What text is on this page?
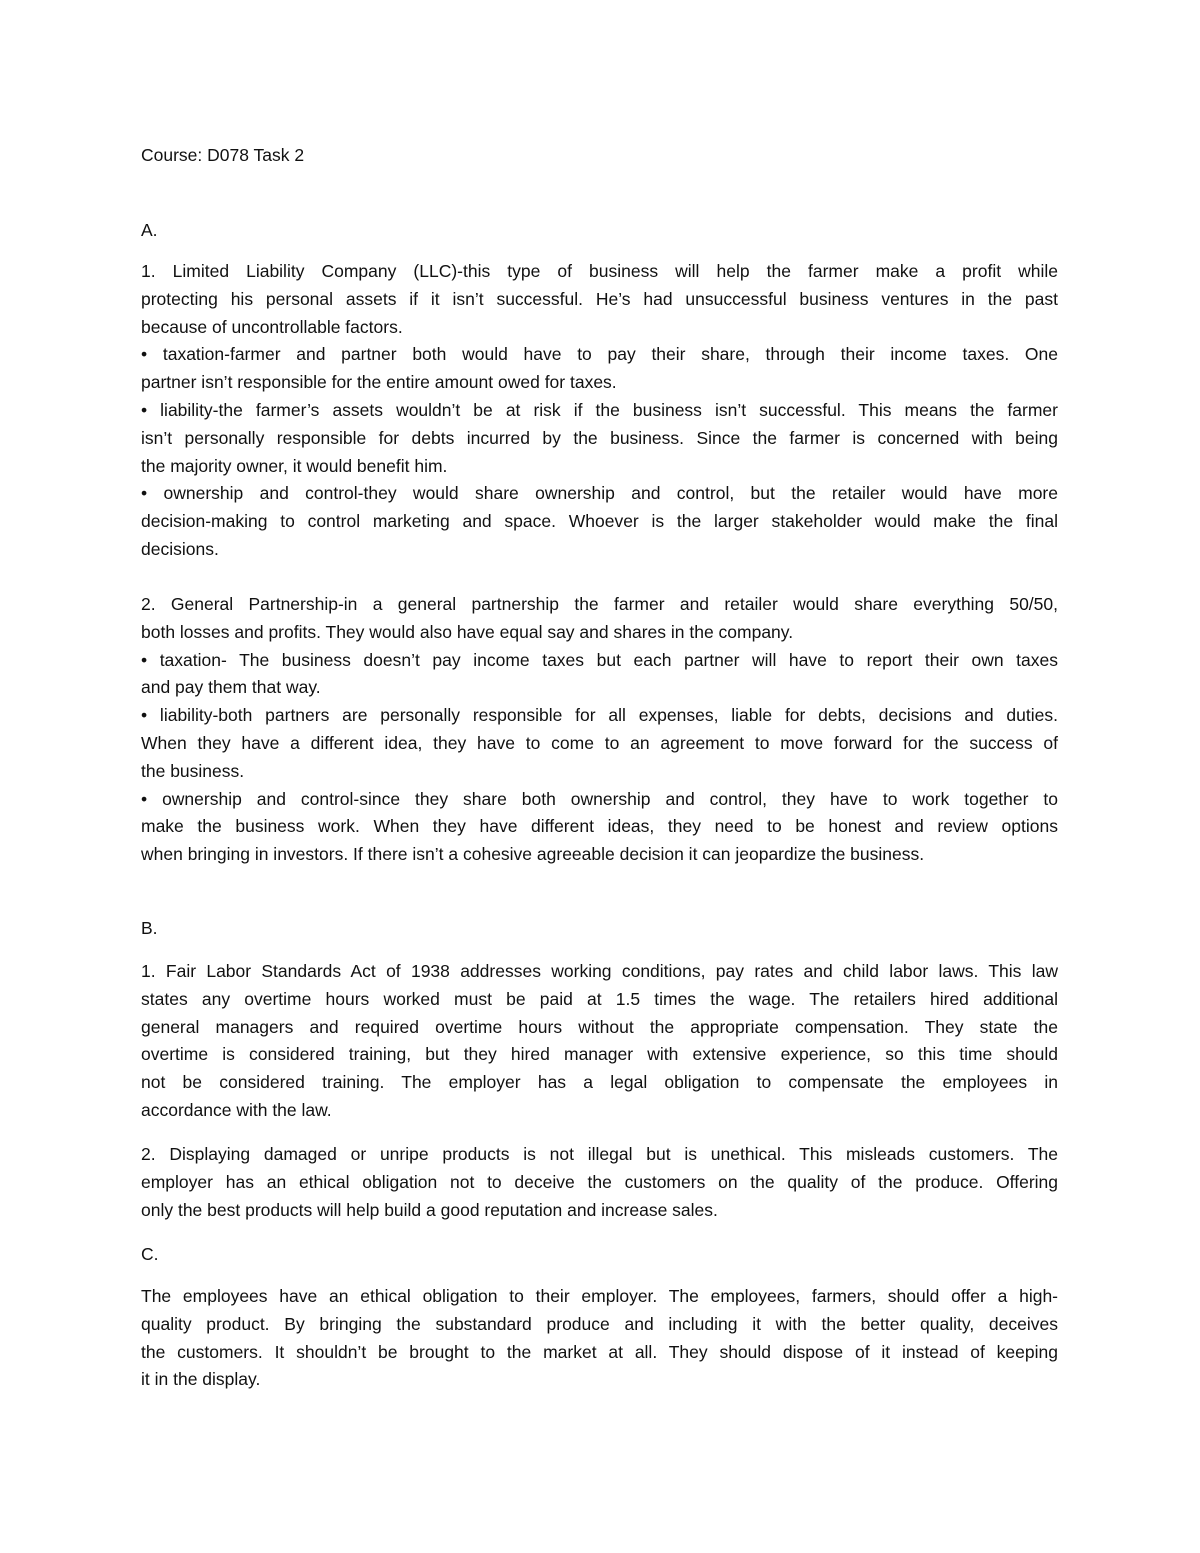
Course: D078 Task 2
A.
1. Limited Liability Company (LLC)-this type of business will help the farmer make a profit while
protecting his personal assets if it isn’t successful. He’s had unsuccessful business ventures in the past
because of uncontrollable factors.
• taxation-farmer and partner both would have to pay their share, through their income taxes. One
partner isn’t responsible for the entire amount owed for taxes.
• liability-the farmer’s assets wouldn’t be at risk if the business isn’t successful. This means the farmer
isn’t personally responsible for debts incurred by the business. Since the farmer is concerned with being
the majority owner, it would benefit him.
• ownership and control-they would share ownership and control, but the retailer would have more
decision-making to control marketing and space. Whoever is the larger stakeholder would make the final
decisions.
2. General Partnership-in a general partnership the farmer and retailer would share everything 50/50,
both losses and profits. They would also have equal say and shares in the company.
• taxation- The business doesn’t pay income taxes but each partner will have to report their own taxes
and pay them that way.
• liability-both partners are personally responsible for all expenses, liable for debts, decisions and duties.
When they have a different idea, they have to come to an agreement to move forward for the success of
the business.
• ownership and control-since they share both ownership and control, they have to work together to
make the business work. When they have different ideas, they need to be honest and review options
when bringing in investors. If there isn’t a cohesive agreeable decision it can jeopardize the business.
B.
1. Fair Labor Standards Act of 1938 addresses working conditions, pay rates and child labor laws. This law
states any overtime hours worked must be paid at 1.5 times the wage. The retailers hired additional
general managers and required overtime hours without the appropriate compensation. They state the
overtime is considered training, but they hired manager with extensive experience, so this time should
not be considered training. The employer has a legal obligation to compensate the employees in
accordance with the law.
2. Displaying damaged or unripe products is not illegal but is unethical. This misleads customers. The
employer has an ethical obligation not to deceive the customers on the quality of the produce. Offering
only the best products will help build a good reputation and increase sales.
C.
The employees have an ethical obligation to their employer. The employees, farmers, should offer a high-
quality product. By bringing the substandard produce and including it with the better quality, deceives
the customers. It shouldn’t be brought to the market at all. They should dispose of it instead of keeping
it in the display.
